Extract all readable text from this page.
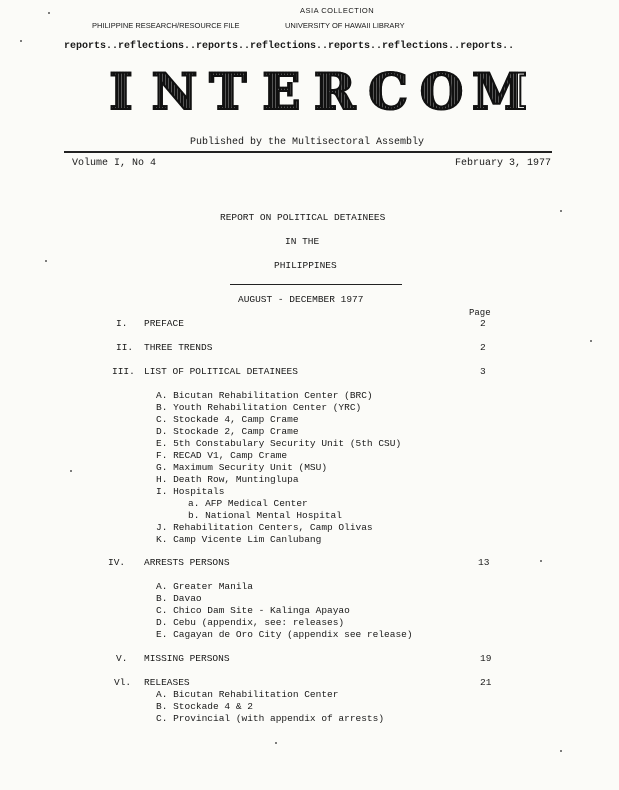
ASIA COLLECTION
PHILIPPINE RESEARCH/RESOURCE FILE	UNIVERSITY OF HAWAII LIBRARY
reports..reflections..reports..reflections..reports..reflections..reports..
I N T E R C O M
Published by the Multisectoral Assembly
Volume I, No 4	February 3, 1977
REPORT ON POLITICAL DETAINEES
IN THE
PHILIPPINES
AUGUST - DECEMBER 1977
Page
I. PREFACE	2
II. THREE TRENDS	2
III. LIST OF POLITICAL DETAINEES	3
A. Bicutan Rehabilitation Center (BRC)
B. Youth Rehabilitation Center (YRC)
C. Stockade 4, Camp Crame
D. Stockade 2, Camp Crame
E. 5th Constabulary Security Unit (5th CSU)
F. RECAD V1, Camp Crame
G. Maximum Security Unit (MSU)
H. Death Row, Muntinglupa
I. Hospitals
a. AFP Medical Center
b. National Mental Hospital
J. Rehabilitation Centers, Camp Olivas
K. Camp Vicente Lim Canlubang
IV. ARRESTS PERSONS	13
A. Greater Manila
B. Davao
C. Chico Dam Site - Kalinga Apayao
D. Cebu (appendix, see: releases)
E. Cagayan de Oro City (appendix see release)
V. MISSING PERSONS	19
Vl. RELEASES	21
A. Bicutan Rehabilitation Center
B. Stockade 4 & 2
C. Provincial (with appendix of arrests)
